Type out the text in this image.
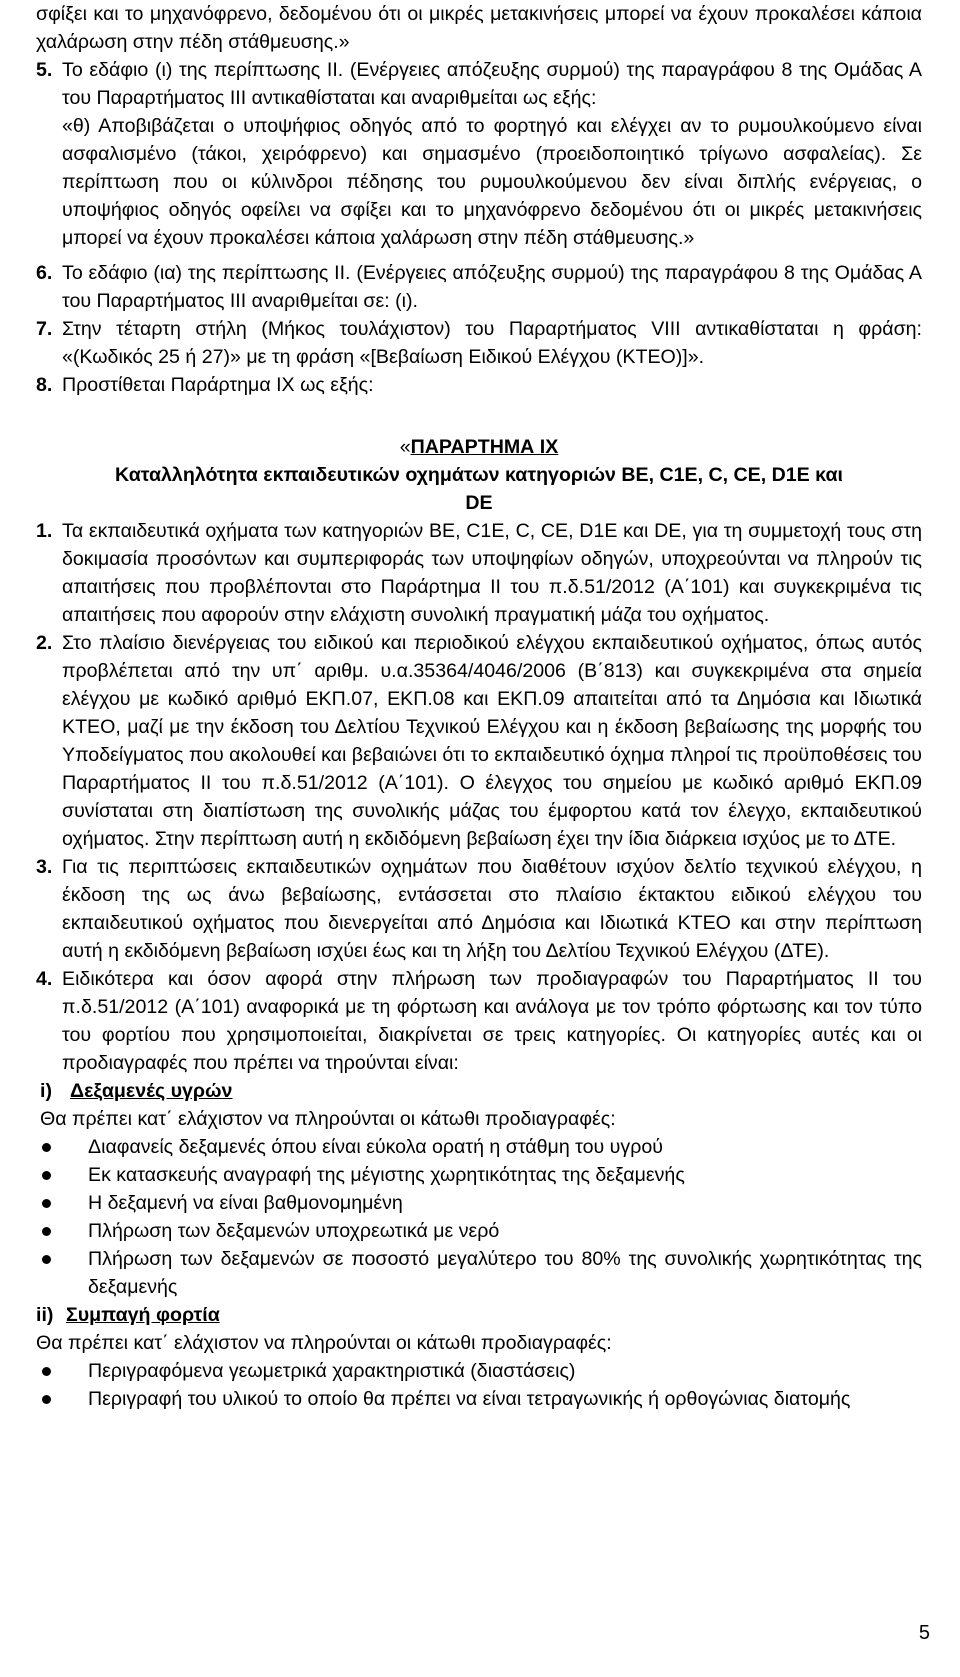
σφίξει και το μηχανόφρενο, δεδομένου ότι οι μικρές μετακινήσεις μπορεί να έχουν προκαλέσει κάποια χαλάρωση στην πέδη στάθμευσης.»
5. Το εδάφιο (ι) της περίπτωσης ΙΙ. (Ενέργειες απόζευξης συρμού) της παραγράφου 8 της Ομάδας Α του Παραρτήματος ΙΙΙ αντικαθίσταται και αναριθμείται ως εξής:
«θ) Αποβιβάζεται ο υποψήφιος οδηγός από το φορτηγό και ελέγχει αν το ρυμουλκούμενο είναι ασφαλισμένο (τάκοι, χειρόφρενο) και σημασμένο (προειδοποιητικό τρίγωνο ασφαλείας). Σε περίπτωση που οι κύλινδροι πέδησης του ρυμουλκούμενου δεν είναι διπλής ενέργειας, ο υποψήφιος οδηγός οφείλει να σφίξει και το μηχανόφρενο δεδομένου ότι οι μικρές μετακινήσεις μπορεί να έχουν προκαλέσει κάποια χαλάρωση στην πέδη στάθμευσης.»
6. Το εδάφιο (ια) της περίπτωσης ΙΙ. (Ενέργειες απόζευξης συρμού) της παραγράφου 8 της Ομάδας Α του Παραρτήματος ΙΙΙ αναριθμείται σε: (ι).
7. Στην τέταρτη στήλη (Μήκος τουλάχιστον) του Παραρτήματος VIII αντικαθίσταται η φράση: «(Κωδικός 25 ή 27)» με τη φράση «[Βεβαίωση Ειδικού Ελέγχου (ΚΤΕΟ)]».
8. Προστίθεται Παράρτημα ΙΧ ως εξής:
«ΠΑΡΑΡΤΗΜΑ ΙΧ
Καταλληλότητα εκπαιδευτικών οχημάτων κατηγοριών ΒΕ, C1E, C, CE, D1E και
DE
1. Τα εκπαιδευτικά οχήματα των κατηγοριών ΒΕ, C1E, C, CE, D1E και DE, για τη συμμετοχή τους στη δοκιμασία προσόντων και συμπεριφοράς των υποψηφίων οδηγών, υποχρεούνται να πληρούν τις απαιτήσεις που προβλέπονται στο Παράρτημα ΙΙ του π.δ.51/2012 (Α΄101) και συγκεκριμένα τις απαιτήσεις που αφορούν στην ελάχιστη συνολική πραγματική μάζα του οχήματος.
2. Στο πλαίσιο διενέργειας του ειδικού και περιοδικού ελέγχου εκπαιδευτικού οχήματος, όπως αυτός προβλέπεται από την υπ΄ αριθμ. υ.α.35364/4046/2006 (Β΄813) και συγκεκριμένα στα σημεία ελέγχου με κωδικό αριθμό ΕΚΠ.07, ΕΚΠ.08 και ΕΚΠ.09 απαιτείται από τα Δημόσια και Ιδιωτικά ΚΤΕΟ, μαζί με την έκδοση του Δελτίου Τεχνικού Ελέγχου και η έκδοση βεβαίωσης της μορφής του Υποδείγματος που ακολουθεί και βεβαιώνει ότι το εκπαιδευτικό όχημα πληροί τις προϋποθέσεις του Παραρτήματος ΙΙ του π.δ.51/2012 (Α΄101). Ο έλεγχος του σημείου με κωδικό αριθμό ΕΚΠ.09 συνίσταται στη διαπίστωση της συνολικής μάζας του έμφορτου κατά τον έλεγχο, εκπαιδευτικού οχήματος. Στην περίπτωση αυτή η εκδιδόμενη βεβαίωση έχει την ίδια διάρκεια ισχύος με το ΔΤΕ.
3. Για τις περιπτώσεις εκπαιδευτικών οχημάτων που διαθέτουν ισχύον δελτίο τεχνικού ελέγχου, η έκδοση της ως άνω βεβαίωσης, εντάσσεται στο πλαίσιο έκτακτου ειδικού ελέγχου του εκπαιδευτικού οχήματος που διενεργείται από Δημόσια και Ιδιωτικά ΚΤΕΟ και στην περίπτωση αυτή η εκδιδόμενη βεβαίωση ισχύει έως και τη λήξη του Δελτίου Τεχνικού Ελέγχου (ΔΤΕ).
4. Ειδικότερα και όσον αφορά στην πλήρωση των προδιαγραφών του Παραρτήματος ΙΙ του π.δ.51/2012 (Α΄101) αναφορικά με τη φόρτωση και ανάλογα με τον τρόπο φόρτωσης και τον τύπο του φορτίου που χρησιμοποιείται, διακρίνεται σε τρεις κατηγορίες. Οι κατηγορίες αυτές και οι προδιαγραφές που πρέπει να τηρούνται είναι:
i) Δεξαμενές υγρών
Θα πρέπει κατ΄ ελάχιστον να πληρούνται οι κάτωθι προδιαγραφές:
Διαφανείς δεξαμενές όπου είναι εύκολα ορατή η στάθμη του υγρού
Εκ κατασκευής αναγραφή της μέγιστης χωρητικότητας της δεξαμενής
Η δεξαμενή να είναι βαθμονομημένη
Πλήρωση των δεξαμενών υποχρεωτικά με νερό
Πλήρωση των δεξαμενών σε ποσοστό μεγαλύτερο του 80% της συνολικής χωρητικότητας της δεξαμενής
ii) Συμπαγή φορτία
Θα πρέπει κατ΄ ελάχιστον να πληρούνται οι κάτωθι προδιαγραφές:
Περιγραφόμενα γεωμετρικά χαρακτηριστικά (διαστάσεις)
Περιγραφή του υλικού το οποίο θα πρέπει να είναι τετραγωνικής ή ορθογώνιας διατομής
5
